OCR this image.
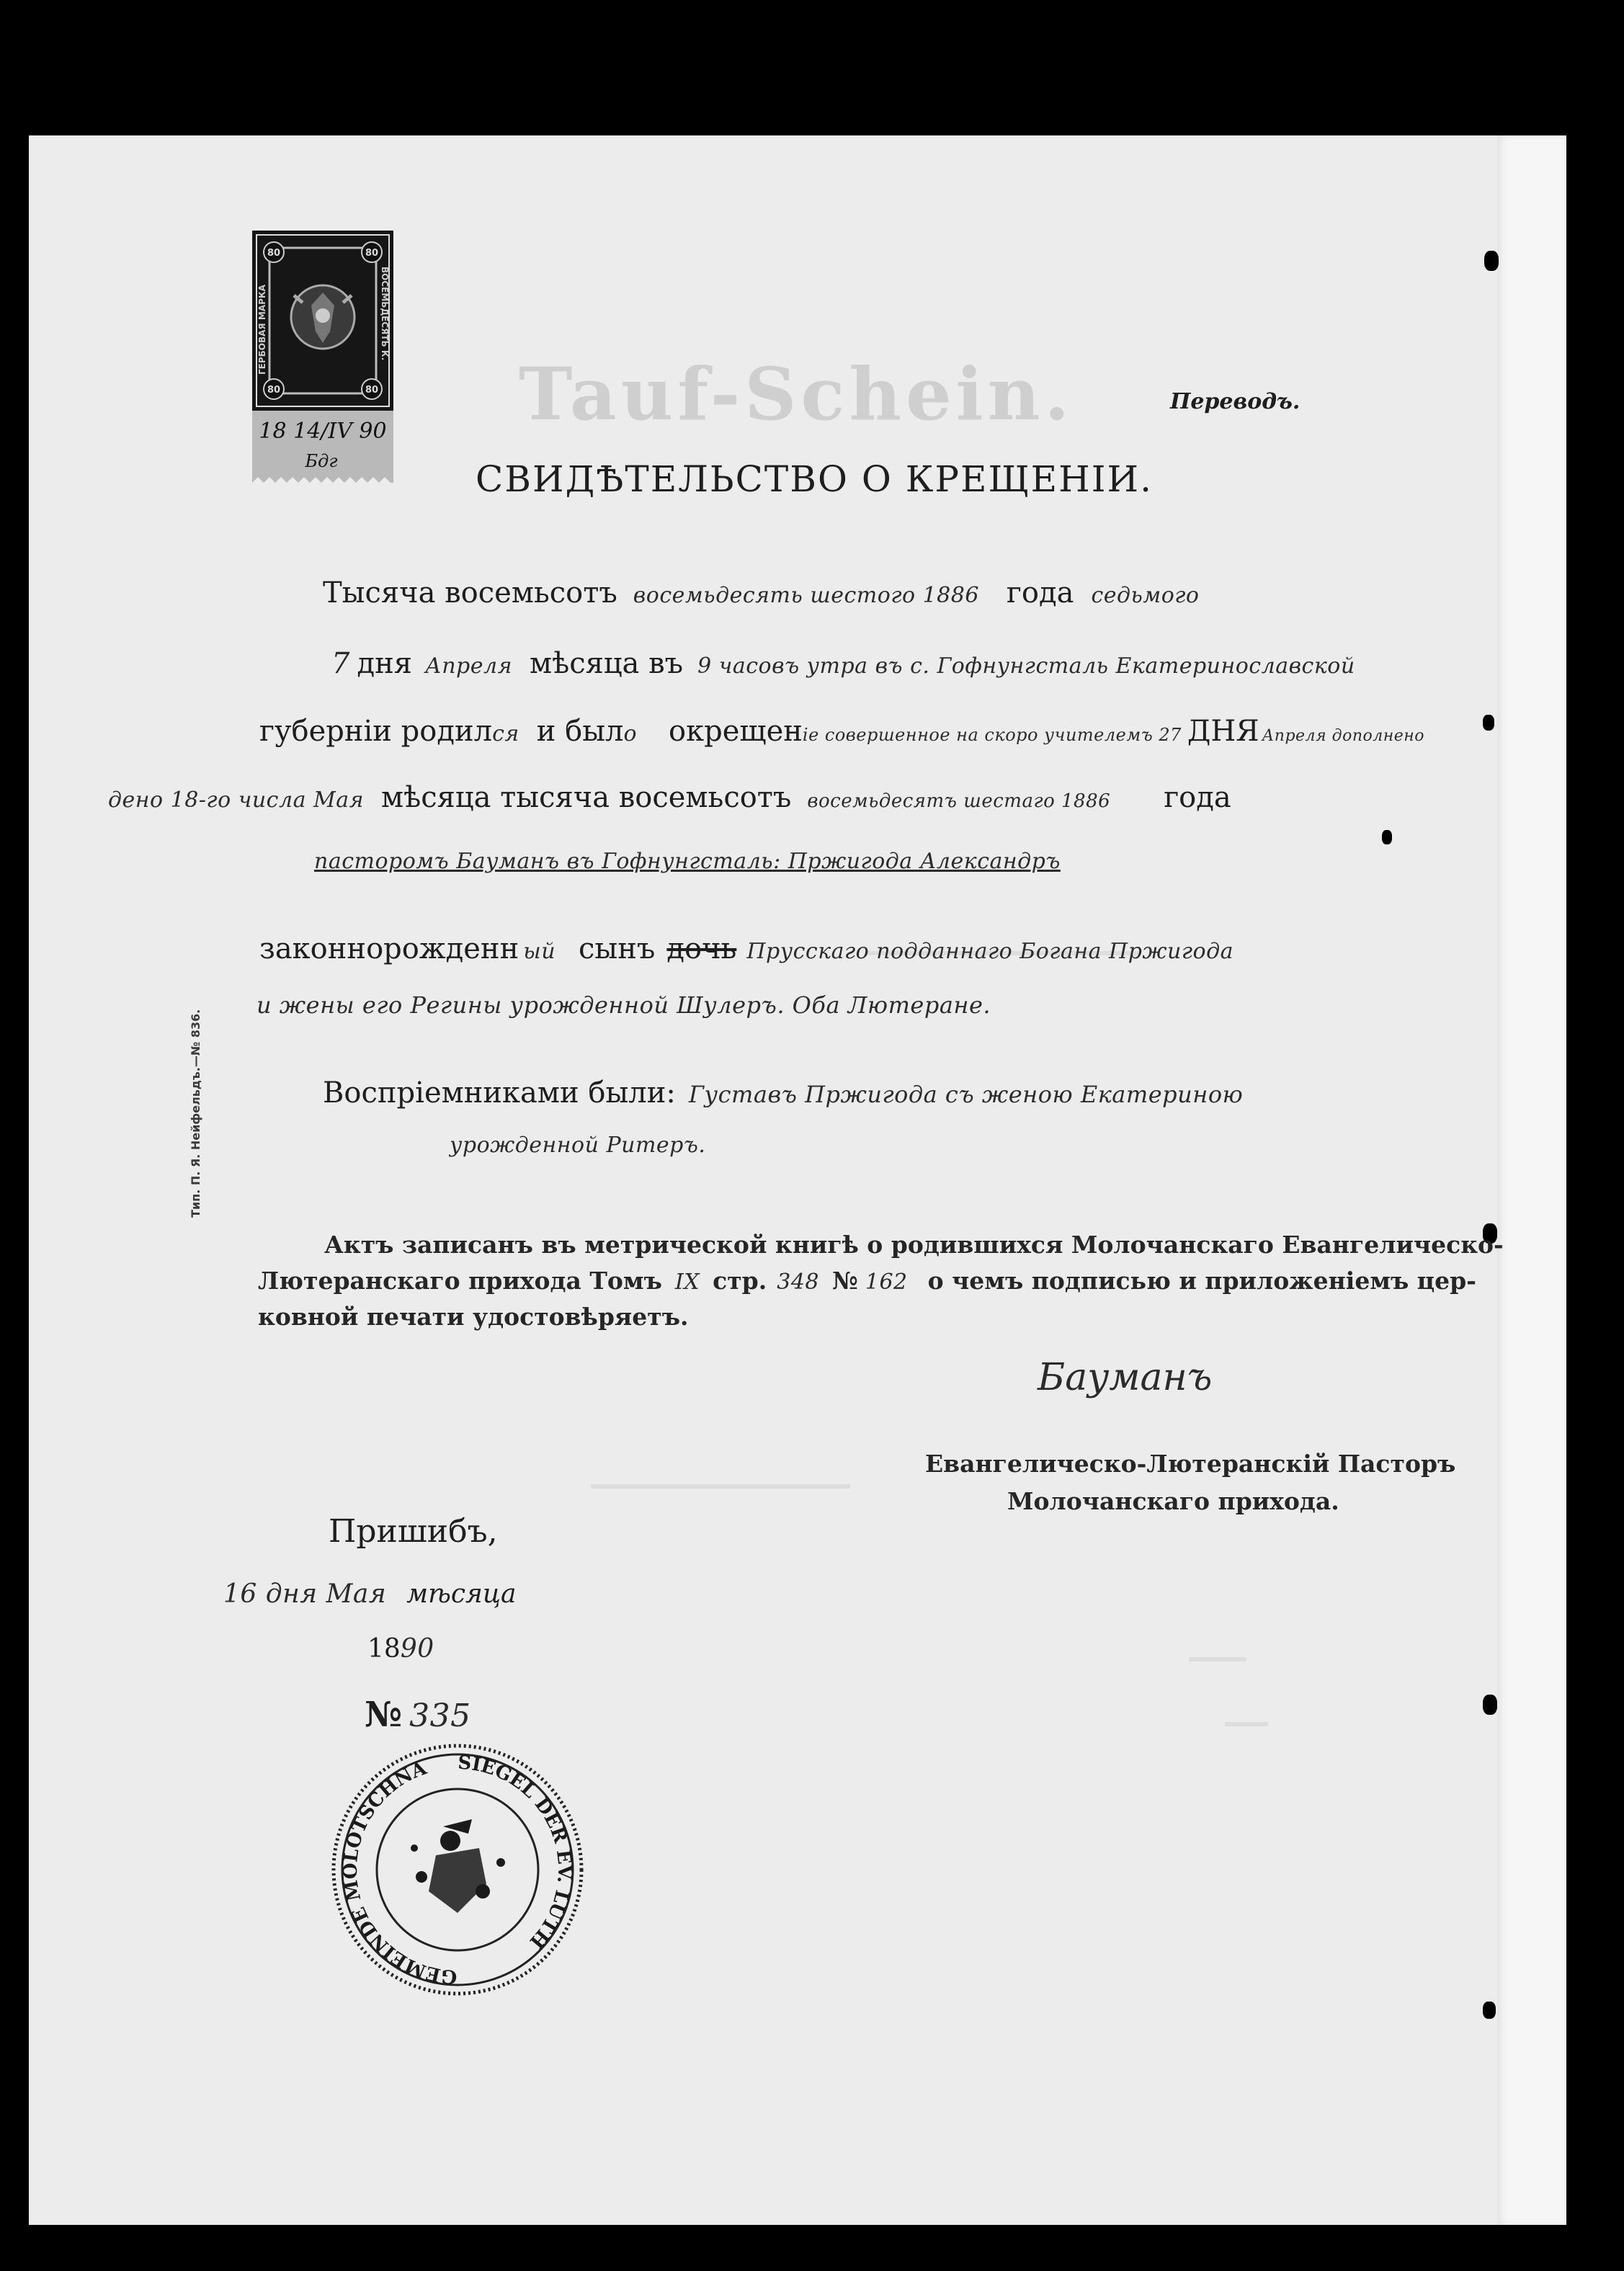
Tauf-Schein.
80	80
80	80
ГЕРБОВАЯ МАРКА	ВОСЕМЬДЕСЯТЬ К.
18 14/IV 90
Бдг
Переводъ.
СВИДѢТЕЛЬСТВО О КРЕЩЕНІИ.
Тысяча восемьсотъ восемьдесять шестого 1886 года седьмого
7 дня Апреля мѣсяца въ 9 часовъ утра въ с. Гофнунгсталь Екатеринославской
губерніи родился и было окрещеніе совершенное на скоро учителемъ 27 ДНЯ Апреля дополнено
дено 18-го числа Мая мѣсяца тысяча восемьсотъ восемьдесятъ шестаго 1886 года
пасторомъ Бауманъ въ Гофнунгсталь: Пржигода Александръ
законнорожденн ый сынъ дочь Прусскаго подданнаго Богана Пржигода
и жены его Регины урожденной Шулеръ. Оба Лютеране.
Воспріемниками были: Густавъ Пржигода съ женою Екатериною
урожденной Ритеръ.
Актъ записанъ въ метрической книгѣ о родившихся Молочанскаго Евангелическо-
Лютеранскаго прихода Томъ IX стр. 348 № 162 о чемъ подписью и приложеніемъ цер-
ковной печати удостовѣряетъ.
Бауманъ
Евангелическо-Лютеранскій Пасторъ
Молочанскаго прихода.
Пришибъ,
16 дня Мая мѣсяца
1890
№ 335
SIEGEL DER EV. LUTH
GEMEINDE MOLOTSCHNA
Тип. П. Я. Нейфельдъ.—№ 836.
